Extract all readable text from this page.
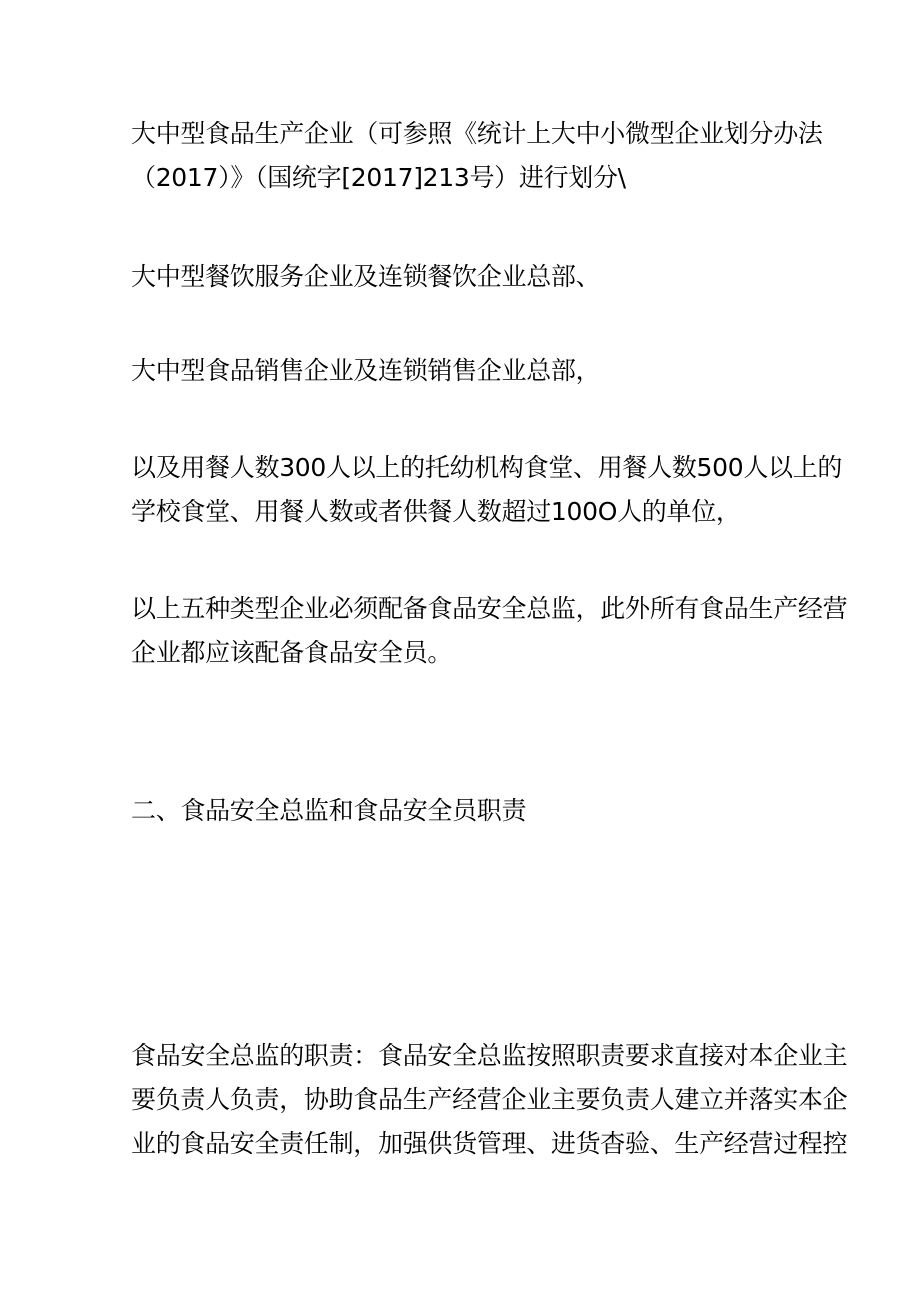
大中型食品生产企业（可参照《统计上大中小微型企业划分办法
（2017）》（国统字[2017]213号）进行划分\

大中型餐饮服务企业及连锁餐饮企业总部、

大中型食品销售企业及连锁销售企业总部，

以及用餐人数300人以上的托幼机构食堂、用餐人数500人以上的
学校食堂、用餐人数或者供餐人数超过100O人的单位，

以上五种类型企业必须配备食品安全总监，此外所有食品生产经营
企业都应该配备食品安全员。

二、食品安全总监和食品安全员职责

食品安全总监的职责：食品安全总监按照职责要求直接对本企业主
要负责人负责，协助食品生产经营企业主要负责人建立并落实本企
业的食品安全责任制，加强供货管理、进货杳验、生产经营过程控
